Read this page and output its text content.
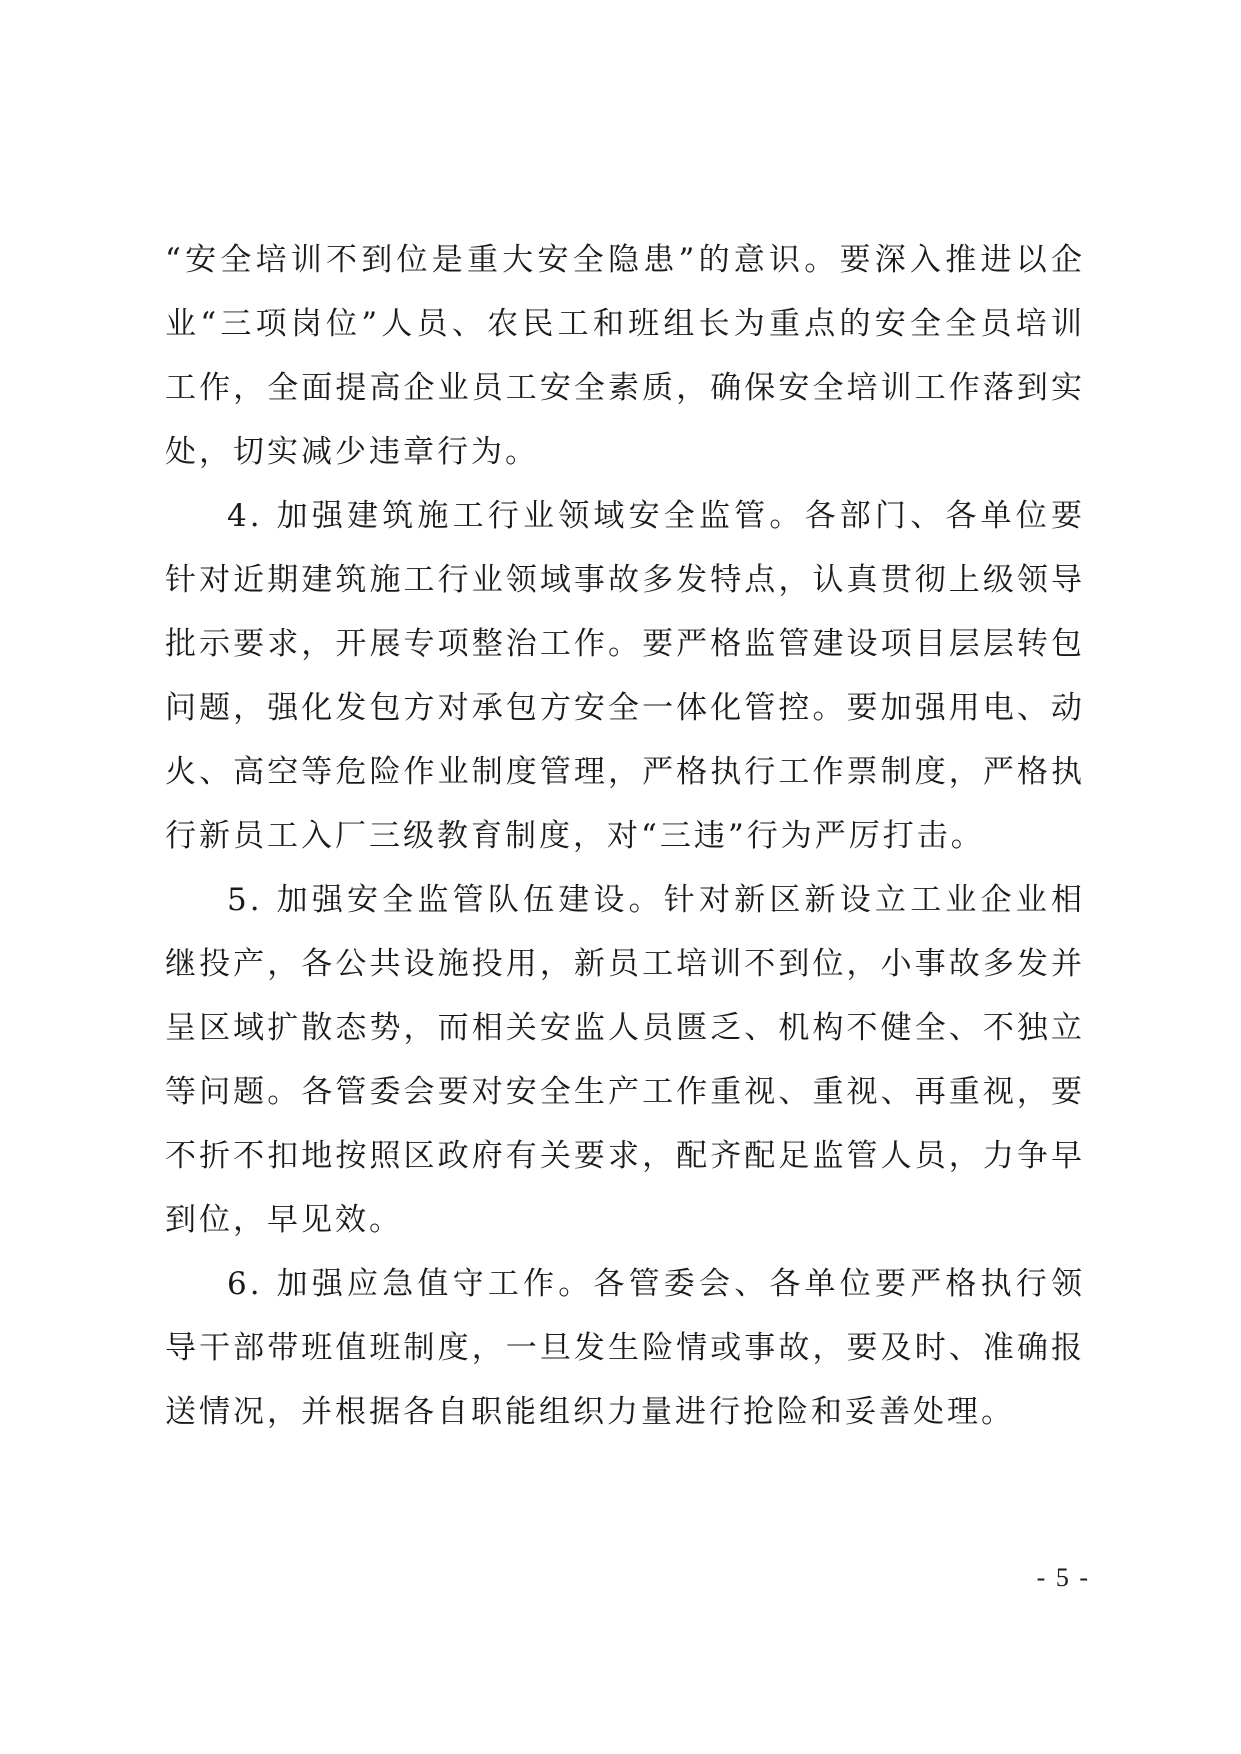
“安全培训不到位是重大安全隐患”的意识。要深入推进以企业“三项岗位”人员、农民工和班组长为重点的安全全员培训工作，全面提高企业员工安全素质，确保安全培训工作落到实处，切实减少违章行为。

4. 加强建筑施工行业领域安全监管。各部门、各单位要针对近期建筑施工行业领域事故多发特点，认真贯彻上级领导批示要求，开展专项整治工作。要严格监管建设项目层层转包问题，强化发包方对承包方安全一体化管控。要加强用电、动火、高空等危险作业制度管理，严格执行工作票制度，严格执行新员工入厂三级教育制度，对“三违”行为严厉打击。

5. 加强安全监管队伍建设。针对新区新设立工业企业相继投产，各公共设施投用，新员工培训不到位，小事故多发并呈区域扩散态势，而相关安监人员匮乏、机构不健全、不独立等问题。各管委会要对安全生产工作重视、重视、再重视，要不折不扣地按照区政府有关要求，配齐配足监管人员，力争早到位，早见效。

6. 加强应急值守工作。各管委会、各单位要严格执行领导干部带班值班制度，一旦发生险情或事故，要及时、准确报送情况，并根据各自职能组织力量进行抢险和妥善处理。

- 5 -
